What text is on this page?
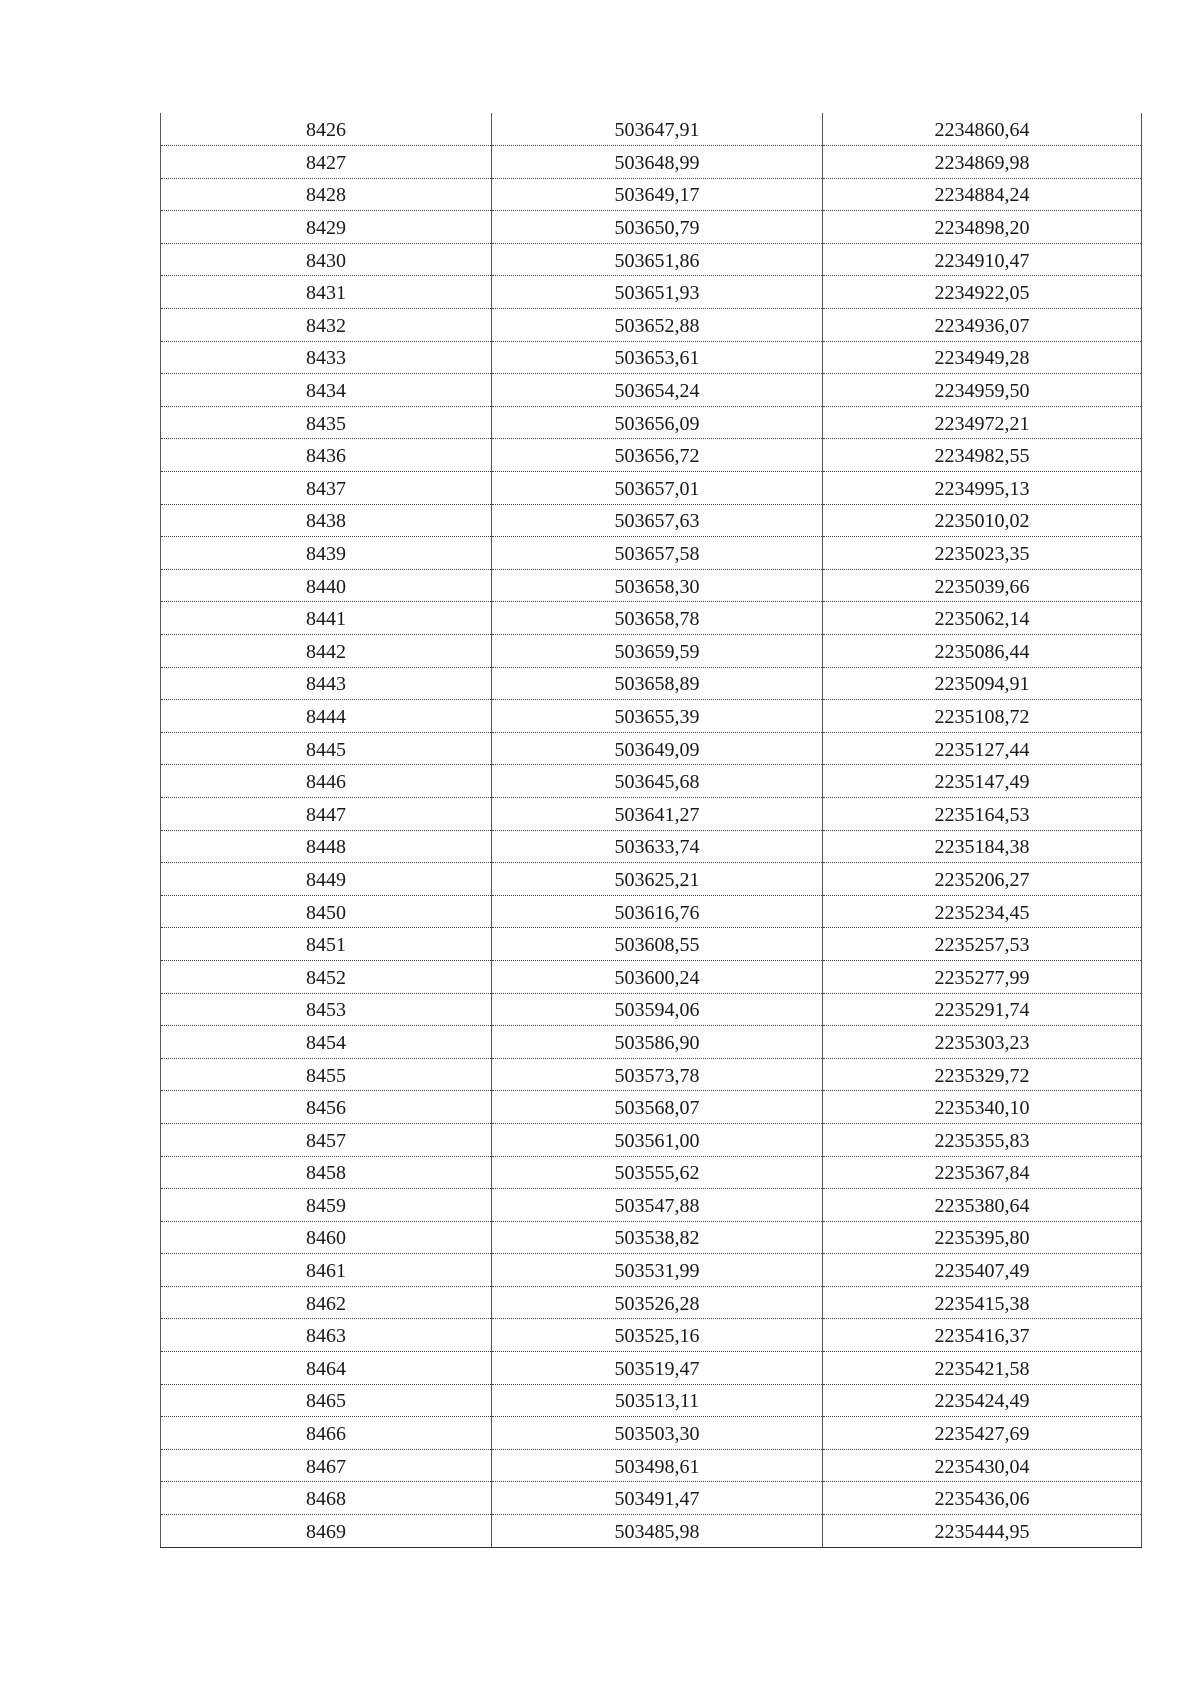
8426	503647,91	2234860,64
8427	503648,99	2234869,98
8428	503649,17	2234884,24
8429	503650,79	2234898,20
8430	503651,86	2234910,47
8431	503651,93	2234922,05
8432	503652,88	2234936,07
8433	503653,61	2234949,28
8434	503654,24	2234959,50
8435	503656,09	2234972,21
8436	503656,72	2234982,55
8437	503657,01	2234995,13
8438	503657,63	2235010,02
8439	503657,58	2235023,35
8440	503658,30	2235039,66
8441	503658,78	2235062,14
8442	503659,59	2235086,44
8443	503658,89	2235094,91
8444	503655,39	2235108,72
8445	503649,09	2235127,44
8446	503645,68	2235147,49
8447	503641,27	2235164,53
8448	503633,74	2235184,38
8449	503625,21	2235206,27
8450	503616,76	2235234,45
8451	503608,55	2235257,53
8452	503600,24	2235277,99
8453	503594,06	2235291,74
8454	503586,90	2235303,23
8455	503573,78	2235329,72
8456	503568,07	2235340,10
8457	503561,00	2235355,83
8458	503555,62	2235367,84
8459	503547,88	2235380,64
8460	503538,82	2235395,80
8461	503531,99	2235407,49
8462	503526,28	2235415,38
8463	503525,16	2235416,37
8464	503519,47	2235421,58
8465	503513,11	2235424,49
8466	503503,30	2235427,69
8467	503498,61	2235430,04
8468	503491,47	2235436,06
8469	503485,98	2235444,95
